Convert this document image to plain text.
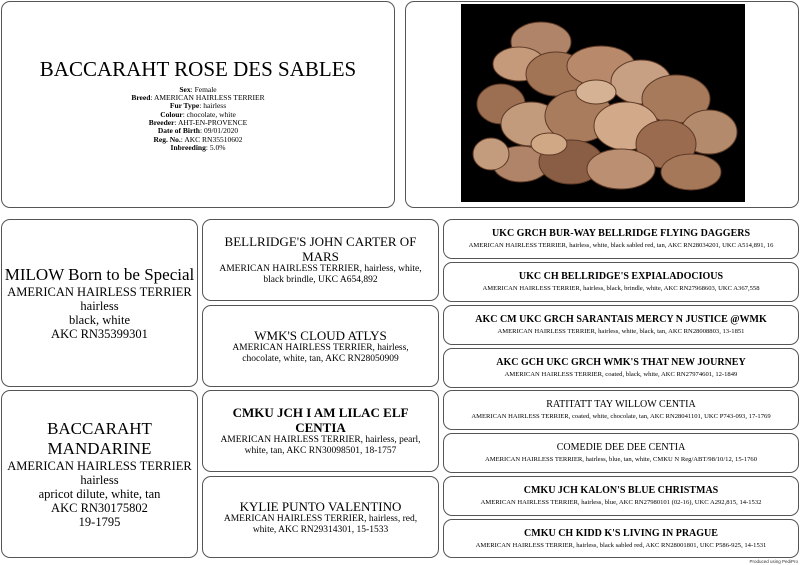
BACCARAHT ROSE DES SABLES
Sex: Female
Breed: AMERICAN HAIRLESS TERRIER
Fur Type: hairless
Colour: chocolate, white
Breeder: AHT-EN-PROVENCE
Date of Birth: 09/01/2020
Reg. No.: AKC RN35510602
Inbreeding: 5.0%
MILOW Born to be Special
AMERICAN HAIRLESS TERRIER
hairless
black, white
AKC RN35399301
BACCARAHT MANDARINE
AMERICAN HAIRLESS TERRIER
hairless
apricot dilute, white, tan
AKC RN30175802
19-1795
BELLRIDGE'S JOHN CARTER OF MARS
AMERICAN HAIRLESS TERRIER, hairless, white, black brindle, UKC A654,892
WMK'S CLOUD ATLYS
AMERICAN HAIRLESS TERRIER, hairless, chocolate, white, tan, AKC RN28050909
CMKU JCH I AM LILAC ELF CENTIA
AMERICAN HAIRLESS TERRIER, hairless, pearl, white, tan, AKC RN30098501, 18-1757
KYLIE PUNTO VALENTINO
AMERICAN HAIRLESS TERRIER, hairless, red, white, AKC RN29314301, 15-1533
UKC GRCH BUR-WAY BELLRIDGE FLYING DAGGERS
AMERICAN HAIRLESS TERRIER, hairless, white, black sabled red, tan, AKC RN28034201, UKC A514,891, 16
UKC CH BELLRIDGE'S EXPIALADOCIOUS
AMERICAN HAIRLESS TERRIER, hairless, black, brindle, white, AKC RN27968603, UKC A367,558
AKC CM UKC GRCH SARANTAIS MERCY N JUSTICE @WMK
AMERICAN HAIRLESS TERRIER, hairless, white, black, tan, AKC RN28008803, 13-1851
AKC GCH UKC GRCH WMK'S THAT NEW JOURNEY
AMERICAN HAIRLESS TERRIER, coated, black, white, AKC RN27974601, 12-1849
RATITATT TAY WILLOW CENTIA
AMERICAN HAIRLESS TERRIER, coated, white, chocolate, tan, AKC RN28041101, UKC P743-093, 17-1769
COMEDIE DEE DEE CENTIA
AMERICAN HAIRLESS TERRIER, hairless, blue, tan, white, CMKU N Reg/ABT/98/10/12, 15-1760
CMKU JCH KALON'S BLUE CHRISTMAS
AMERICAN HAIRLESS TERRIER, hairless, blue, AKC RN27980101 (02-16), UKC A292,815, 14-1532
CMKU CH KIDD K'S LIVING IN PRAGUE
AMERICAN HAIRLESS TERRIER, hairless, black sabled red, AKC RN28001801, UKC P586-925, 14-1531
Produced using PediPro
